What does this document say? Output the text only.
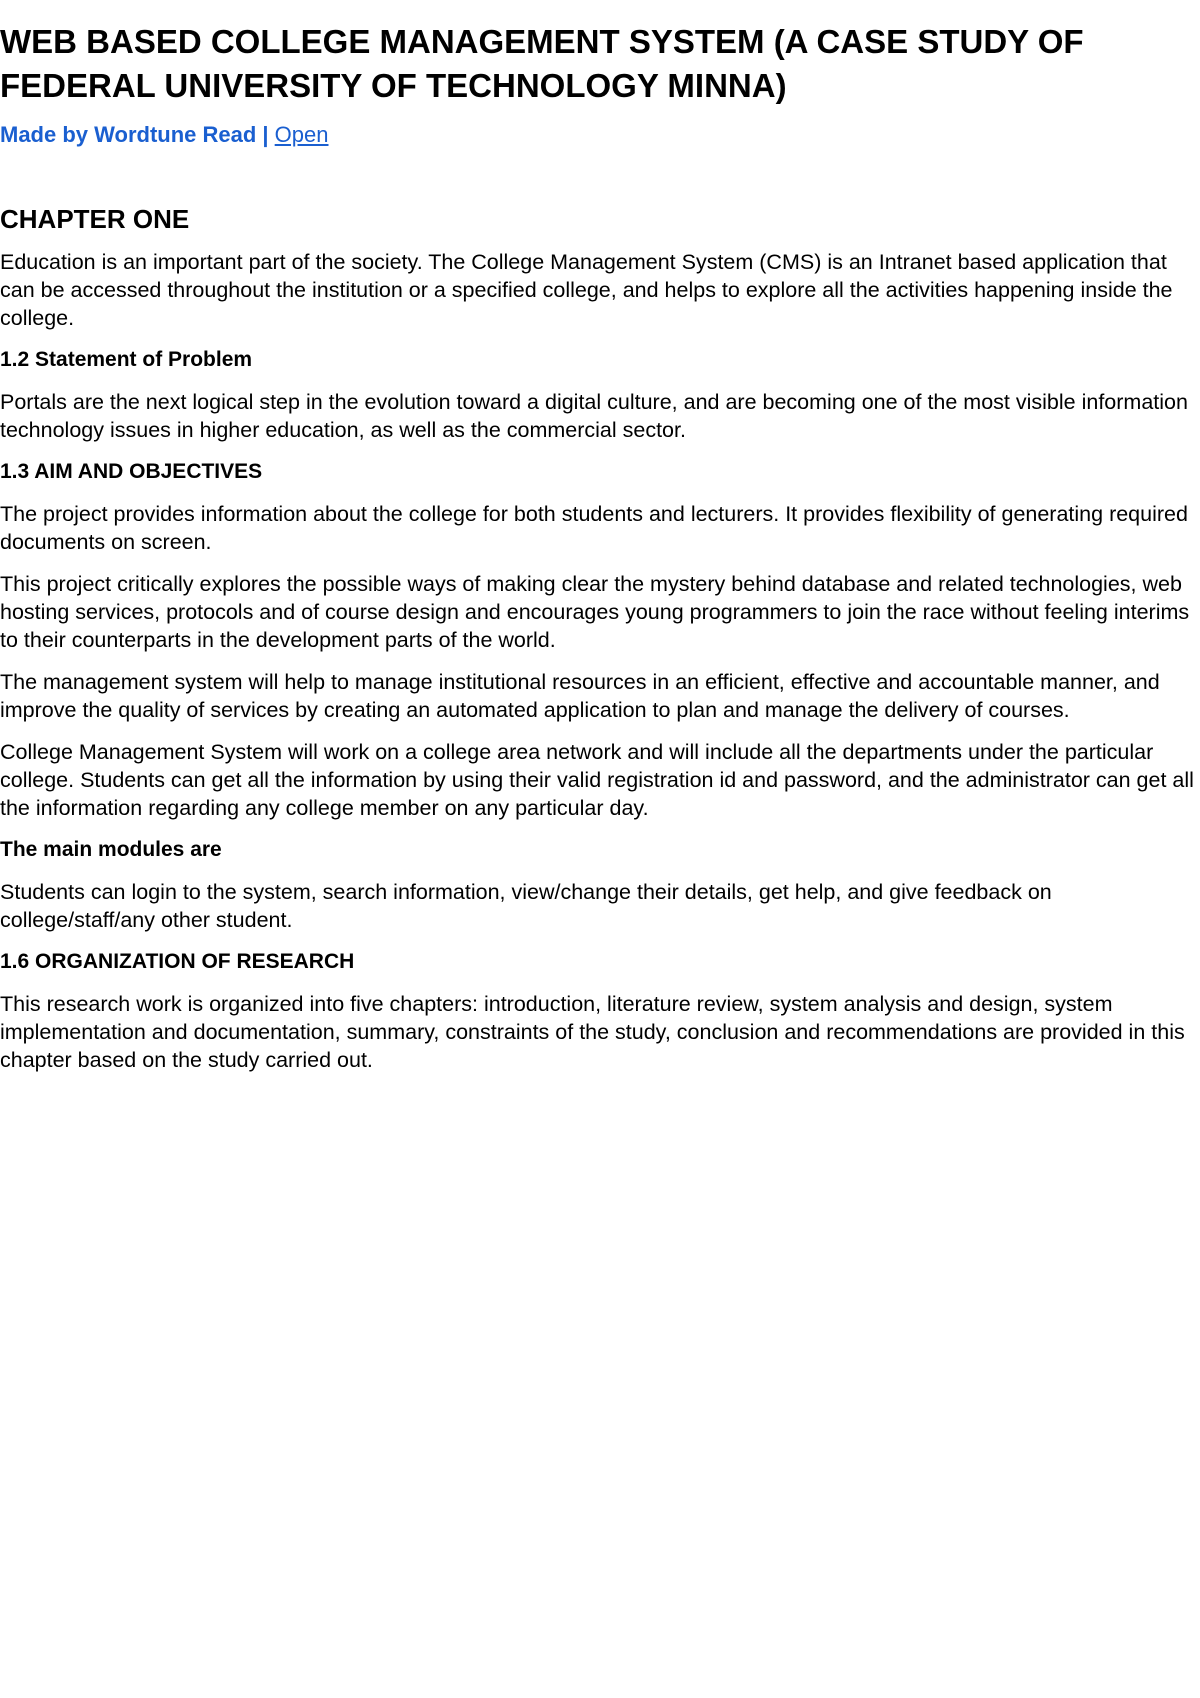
WEB BASED COLLEGE MANAGEMENT SYSTEM (A CASE STUDY OF FEDERAL UNIVERSITY OF TECHNOLOGY MINNA)
Made by Wordtune Read | Open
CHAPTER ONE

Education is an important part of the society. The College Management System (CMS) is an Intranet based application that can be accessed throughout the institution or a specified college, and helps to explore all the activities happening inside the college.

1.2 Statement of Problem

Portals are the next logical step in the evolution toward a digital culture, and are becoming one of the most visible information technology issues in higher education, as well as the commercial sector.

1.3 AIM AND OBJECTIVES

The project provides information about the college for both students and lecturers. It provides flexibility of generating required documents on screen.

This project critically explores the possible ways of making clear the mystery behind database and related technologies, web hosting services, protocols and of course design and encourages young programmers to join the race without feeling interims to their counterparts in the development parts of the world.

The management system will help to manage institutional resources in an efficient, effective and accountable manner, and improve the quality of services by creating an automated application to plan and manage the delivery of courses.

College Management System will work on a college area network and will include all the departments under the particular college. Students can get all the information by using their valid registration id and password, and the administrator can get all the information regarding any college member on any particular day.

The main modules are

Students can login to the system, search information, view/change their details, get help, and give feedback on college/staff/any other student.

1.6 ORGANIZATION OF RESEARCH

This research work is organized into five chapters: introduction, literature review, system analysis and design, system implementation and documentation, summary, constraints of the study, conclusion and recommendations are provided in this chapter based on the study carried out.
